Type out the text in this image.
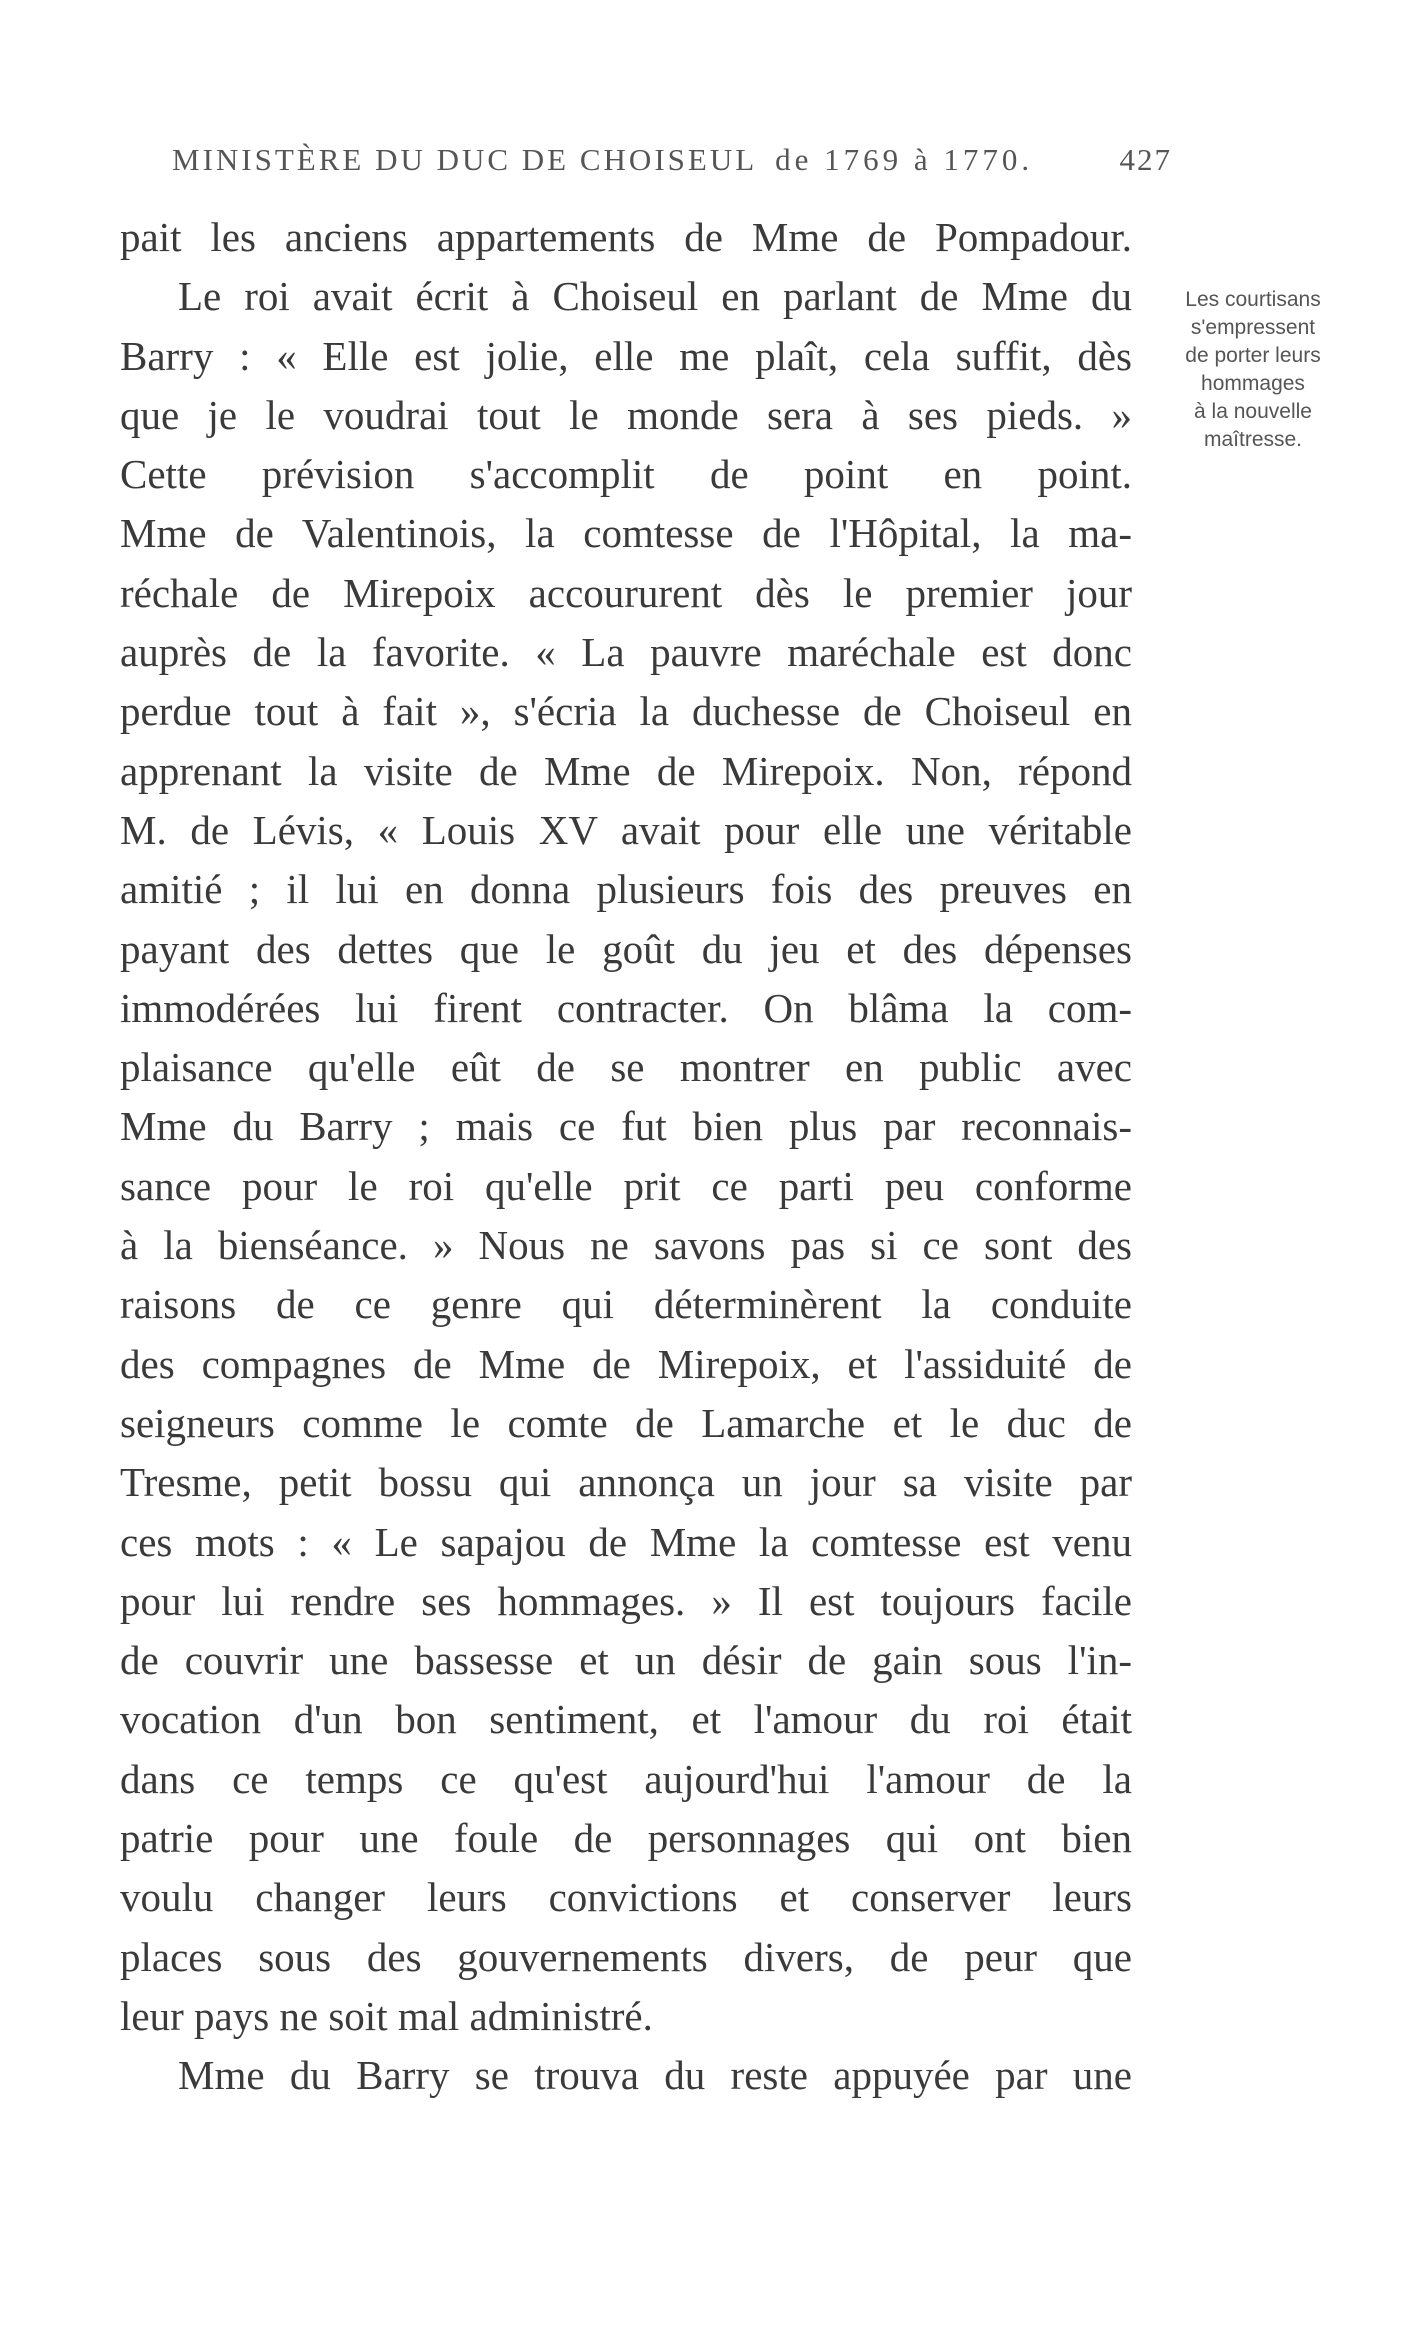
MINISTÈRE DU DUC DE CHOISEUL de 1769 à 1770.	427
pait les anciens appartements de Mme de Pompadour.
Le roi avait écrit à Choiseul en parlant de Mme du
Barry : « Elle est jolie, elle me plaît, cela suffit, dès
que je le voudrai tout le monde sera à ses pieds. »
Cette prévision s'accomplit de point en point.
Mme de Valentinois, la comtesse de l'Hôpital, la ma-
réchale de Mirepoix accoururent dès le premier jour
auprès de la favorite. « La pauvre maréchale est donc
perdue tout à fait », s'écria la duchesse de Choiseul en
apprenant la visite de Mme de Mirepoix. Non, répond
M. de Lévis, « Louis XV avait pour elle une véritable
amitié ; il lui en donna plusieurs fois des preuves en
payant des dettes que le goût du jeu et des dépenses
immodérées lui firent contracter. On blâma la com-
plaisance qu'elle eût de se montrer en public avec
Mme du Barry ; mais ce fut bien plus par reconnais-
sance pour le roi qu'elle prit ce parti peu conforme
à la bienséance. » Nous ne savons pas si ce sont des
raisons de ce genre qui déterminèrent la conduite
des compagnes de Mme de Mirepoix, et l'assiduité de
seigneurs comme le comte de Lamarche et le duc de
Tresme, petit bossu qui annonça un jour sa visite par
ces mots : « Le sapajou de Mme la comtesse est venu
pour lui rendre ses hommages. » Il est toujours facile
de couvrir une bassesse et un désir de gain sous l'in-
vocation d'un bon sentiment, et l'amour du roi était
dans ce temps ce qu'est aujourd'hui l'amour de la
patrie pour une foule de personnages qui ont bien
voulu changer leurs convictions et conserver leurs
places sous des gouvernements divers, de peur que
leur pays ne soit mal administré.
Mme du Barry se trouva du reste appuyée par une
Les courtisans
s'empressent
de porter leurs
hommages
à la nouvelle
maîtresse.
